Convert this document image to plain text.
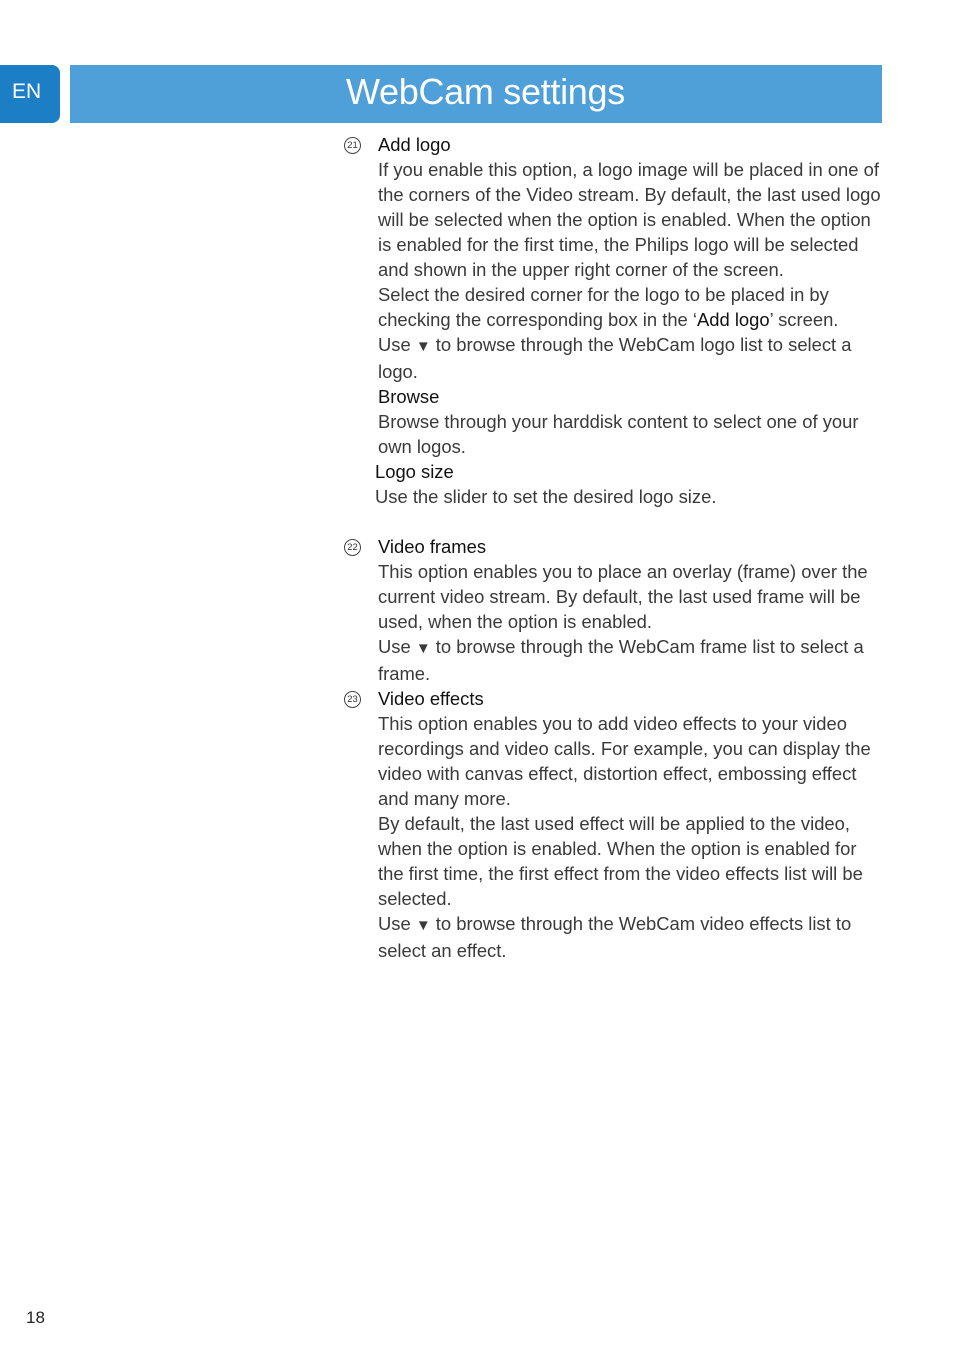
EN	WebCam settings
21 Add logo
If you enable this option, a logo image will be placed in one of the corners of the Video stream. By default, the last used logo will be selected when the option is enabled. When the option is enabled for the first time, the Philips logo will be selected and shown in the upper right corner of the screen.
Select the desired corner for the logo to be placed in by checking the corresponding box in the ‘Add logo’ screen.
Use ▼ to browse through the WebCam logo list to select a logo.
Browse
Browse through your harddisk content to select one of your own logos.
Logo size
Use the slider to set the desired logo size.
22 Video frames
This option enables you to place an overlay (frame) over the current video stream. By default, the last used frame will be used, when the option is enabled.
Use ▼ to browse through the WebCam frame list to select a frame.
23 Video effects
This option enables you to add video effects to your video recordings and video calls. For example, you can display the video with canvas effect, distortion effect, embossing effect and many more.
By default, the last used effect will be applied to the video, when the option is enabled. When the option is enabled for the first time, the first effect from the video effects list will be selected.
Use ▼ to browse through the WebCam video effects list to select an effect.
18
